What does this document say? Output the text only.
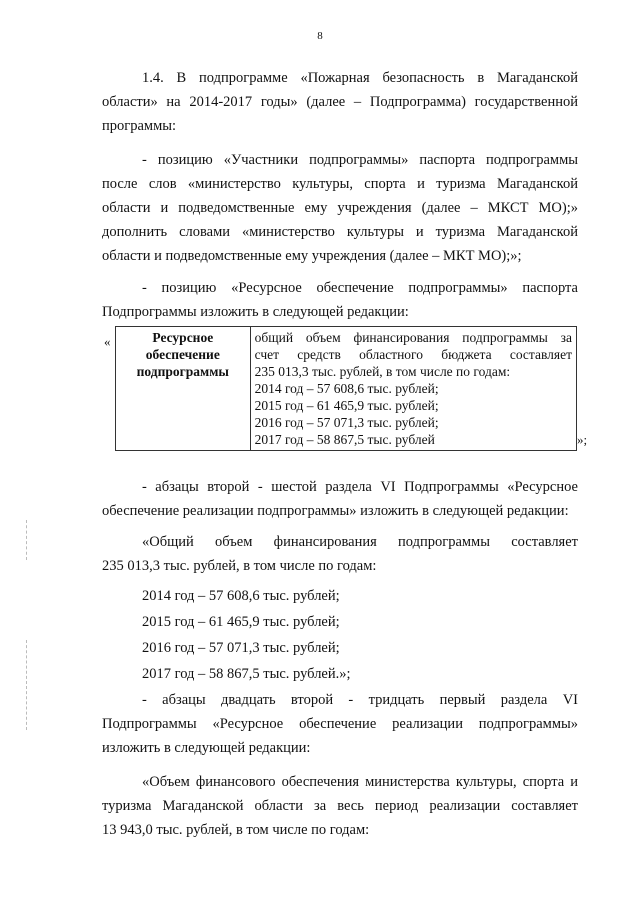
8
1.4. В подпрограмме «Пожарная безопасность в Магаданской
области» на 2014-2017 годы» (далее – Подпрограмма) государственной
программы:
- позицию «Участники подпрограммы» паспорта подпрограммы
после слов «министерство культуры, спорта и туризма Магаданской
области и подведомственные ему учреждения (далее – МКСТ МО);»
дополнить словами «министерство культуры и туризма Магаданской
области и подведомственные ему учреждения (далее – МКТ МО);»;
- позицию «Ресурсное обеспечение подпрограммы» паспорта
Подпрограммы изложить в следующей редакции:
«	Ресурсное обеспечение подпрограммы	
общий объем финансирования подпрограммы за
счет средств областного бюджета составляет
235 013,3 тыс. рублей, в том числе по годам:
2014 год – 57 608,6 тыс. рублей;
2015 год – 61 465,9 тыс. рублей;
2016 год – 57 071,3 тыс. рублей;
2017 год – 58 867,5 тыс. рублей	»;
- абзацы второй - шестой раздела VI Подпрограммы «Ресурсное
обеспечение реализации подпрограммы» изложить в следующей редакции:
«Общий объем финансирования подпрограммы составляет
235 013,3 тыс. рублей, в том числе по годам:
2014 год – 57 608,6 тыс. рублей;
2015 год – 61 465,9 тыс. рублей;
2016 год – 57 071,3 тыс. рублей;
2017 год – 58 867,5 тыс. рублей.»;
- абзацы двадцать второй - тридцать первый раздела VI
Подпрограммы «Ресурсное обеспечение реализации подпрограммы»
изложить в следующей редакции:
«Объем финансового обеспечения министерства культуры, спорта и
туризма Магаданской области за весь период реализации составляет
13 943,0 тыс. рублей, в том числе по годам:
